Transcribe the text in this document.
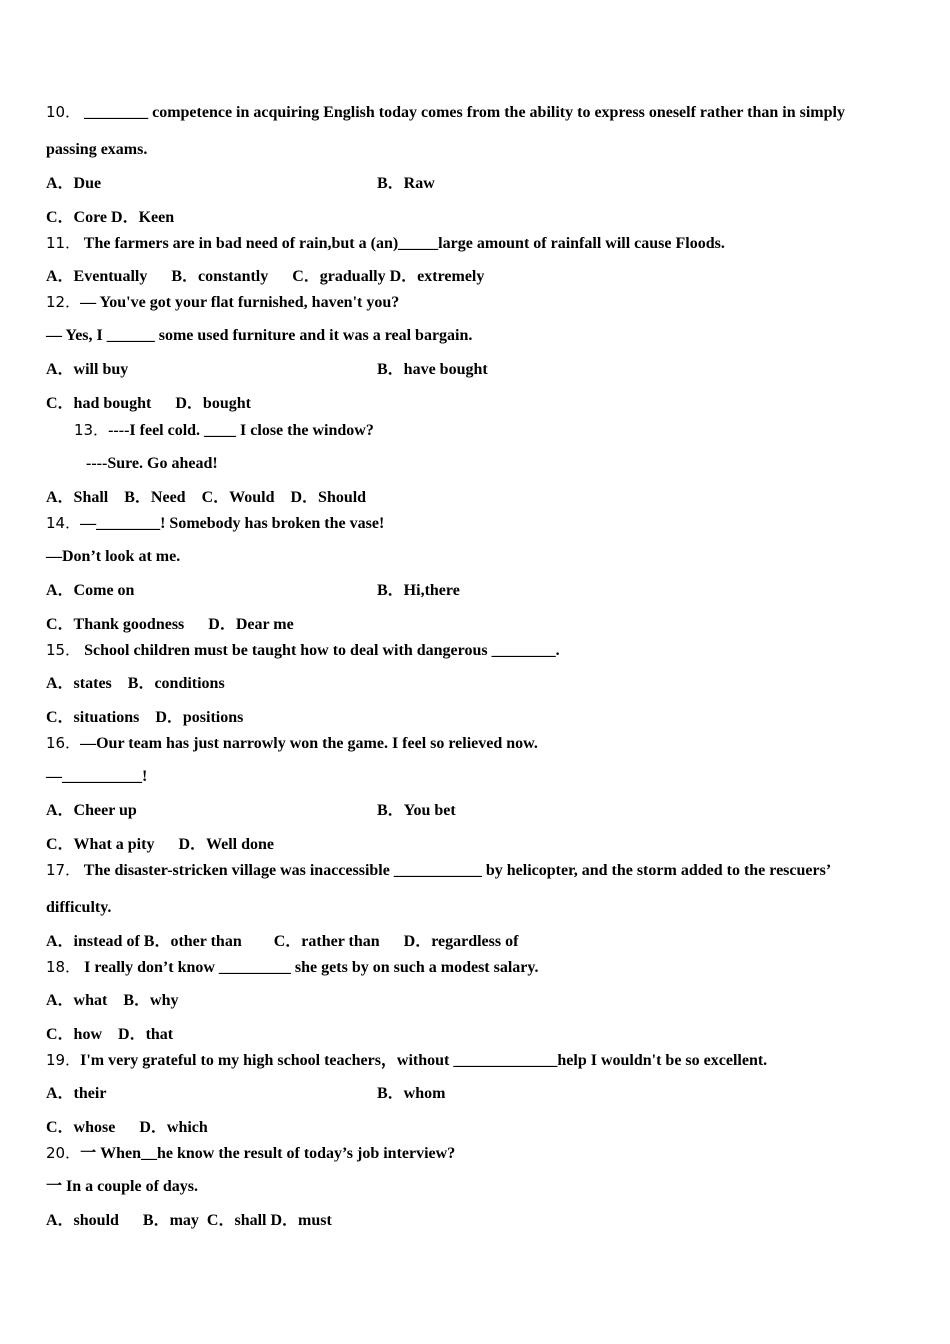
10． ________ competence in acquiring English today comes from the ability to express oneself rather than in simply
passing exams.
A．Due	B．Raw
C．Core D．Keen
11． The farmers are in bad need of rain,but a (an)_____large amount of rainfall will cause Floods.
A．Eventually      B．constantly      C．gradually D．extremely
12．— You've got your flat furnished, haven't you?
— Yes, I ______ some used furniture and it was a real bargain.
A．will buy	B．have bought
C．had bought      D．bought
13．----I feel cold. ____ I close the window?
----Sure. Go ahead!
A．Shall    B．Need    C．Would    D．Should
14．—________! Somebody has broken the vase!
—Don’t look at me.
A．Come on	B．Hi,there
C．Thank goodness      D．Dear me
15． School children must be taught how to deal with dangerous ________.
A．states    B．conditions
C．situations    D．positions
16．—Our team has just narrowly won the game. I feel so relieved now.
—__________!
A．Cheer up	B．You bet
C．What a pity      D．Well done
17． The disaster-stricken village was inaccessible ___________ by helicopter, and the storm added to the rescuers’
difficulty.
A．instead of B．other than        C．rather than      D．regardless of
18． I really don’t know _________ she gets by on such a modest salary.
A．what    B．why
C．how    D．that
19．I'm very grateful to my high school teachers，without _____________help I wouldn't be so excellent.
A．their	B．whom
C．whose      D．which
20．一 When__he know the result of today’s job interview?
一 In a couple of days.
A．should      B．may  C．shall D．must
